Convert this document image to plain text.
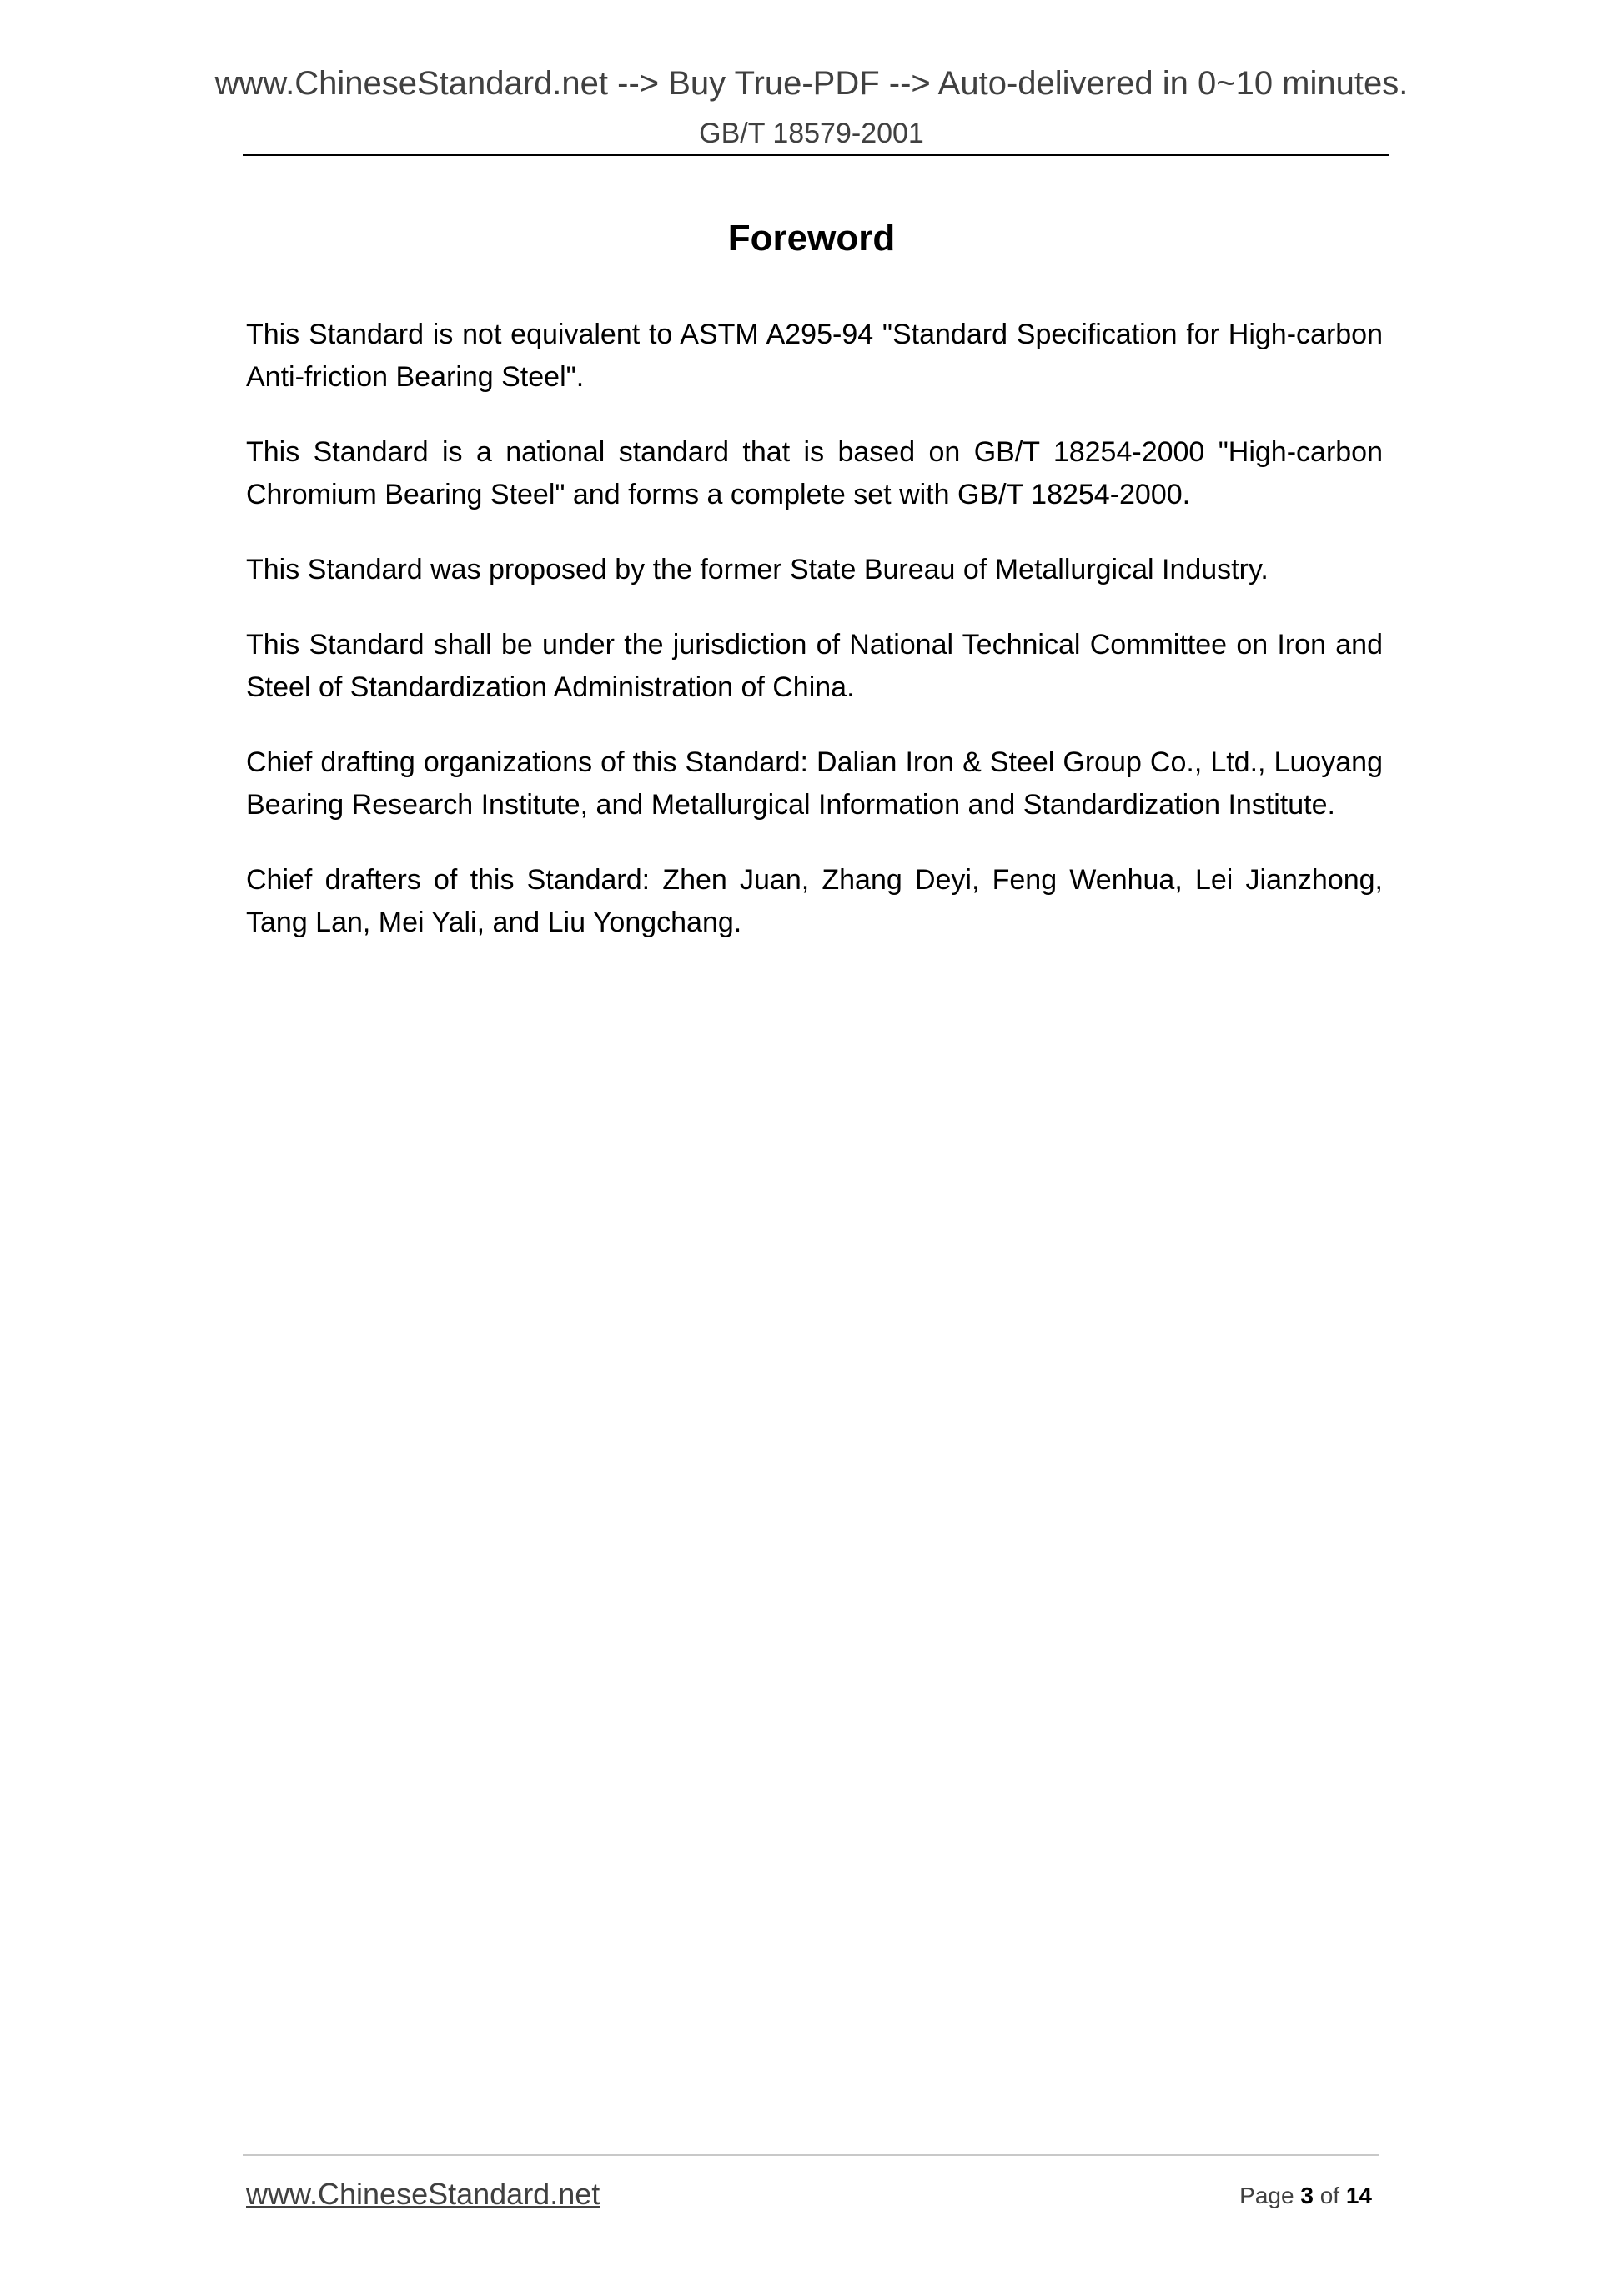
www.ChineseStandard.net --> Buy True-PDF --> Auto-delivered in 0~10 minutes.
GB/T 18579-2001
Foreword

This Standard is not equivalent to ASTM A295-94 "Standard Specification for High-carbon Anti-friction Bearing Steel".

This Standard is a national standard that is based on GB/T 18254-2000 "High-carbon Chromium Bearing Steel" and forms a complete set with GB/T 18254-2000.

This Standard was proposed by the former State Bureau of Metallurgical Industry.

This Standard shall be under the jurisdiction of National Technical Committee on Iron and Steel of Standardization Administration of China.

Chief drafting organizations of this Standard: Dalian Iron & Steel Group Co., Ltd., Luoyang Bearing Research Institute, and Metallurgical Information and Standardization Institute.

Chief drafters of this Standard: Zhen Juan, Zhang Deyi, Feng Wenhua, Lei Jianzhong, Tang Lan, Mei Yali, and Liu Yongchang.

www.ChineseStandard.net	Page 3 of 14
